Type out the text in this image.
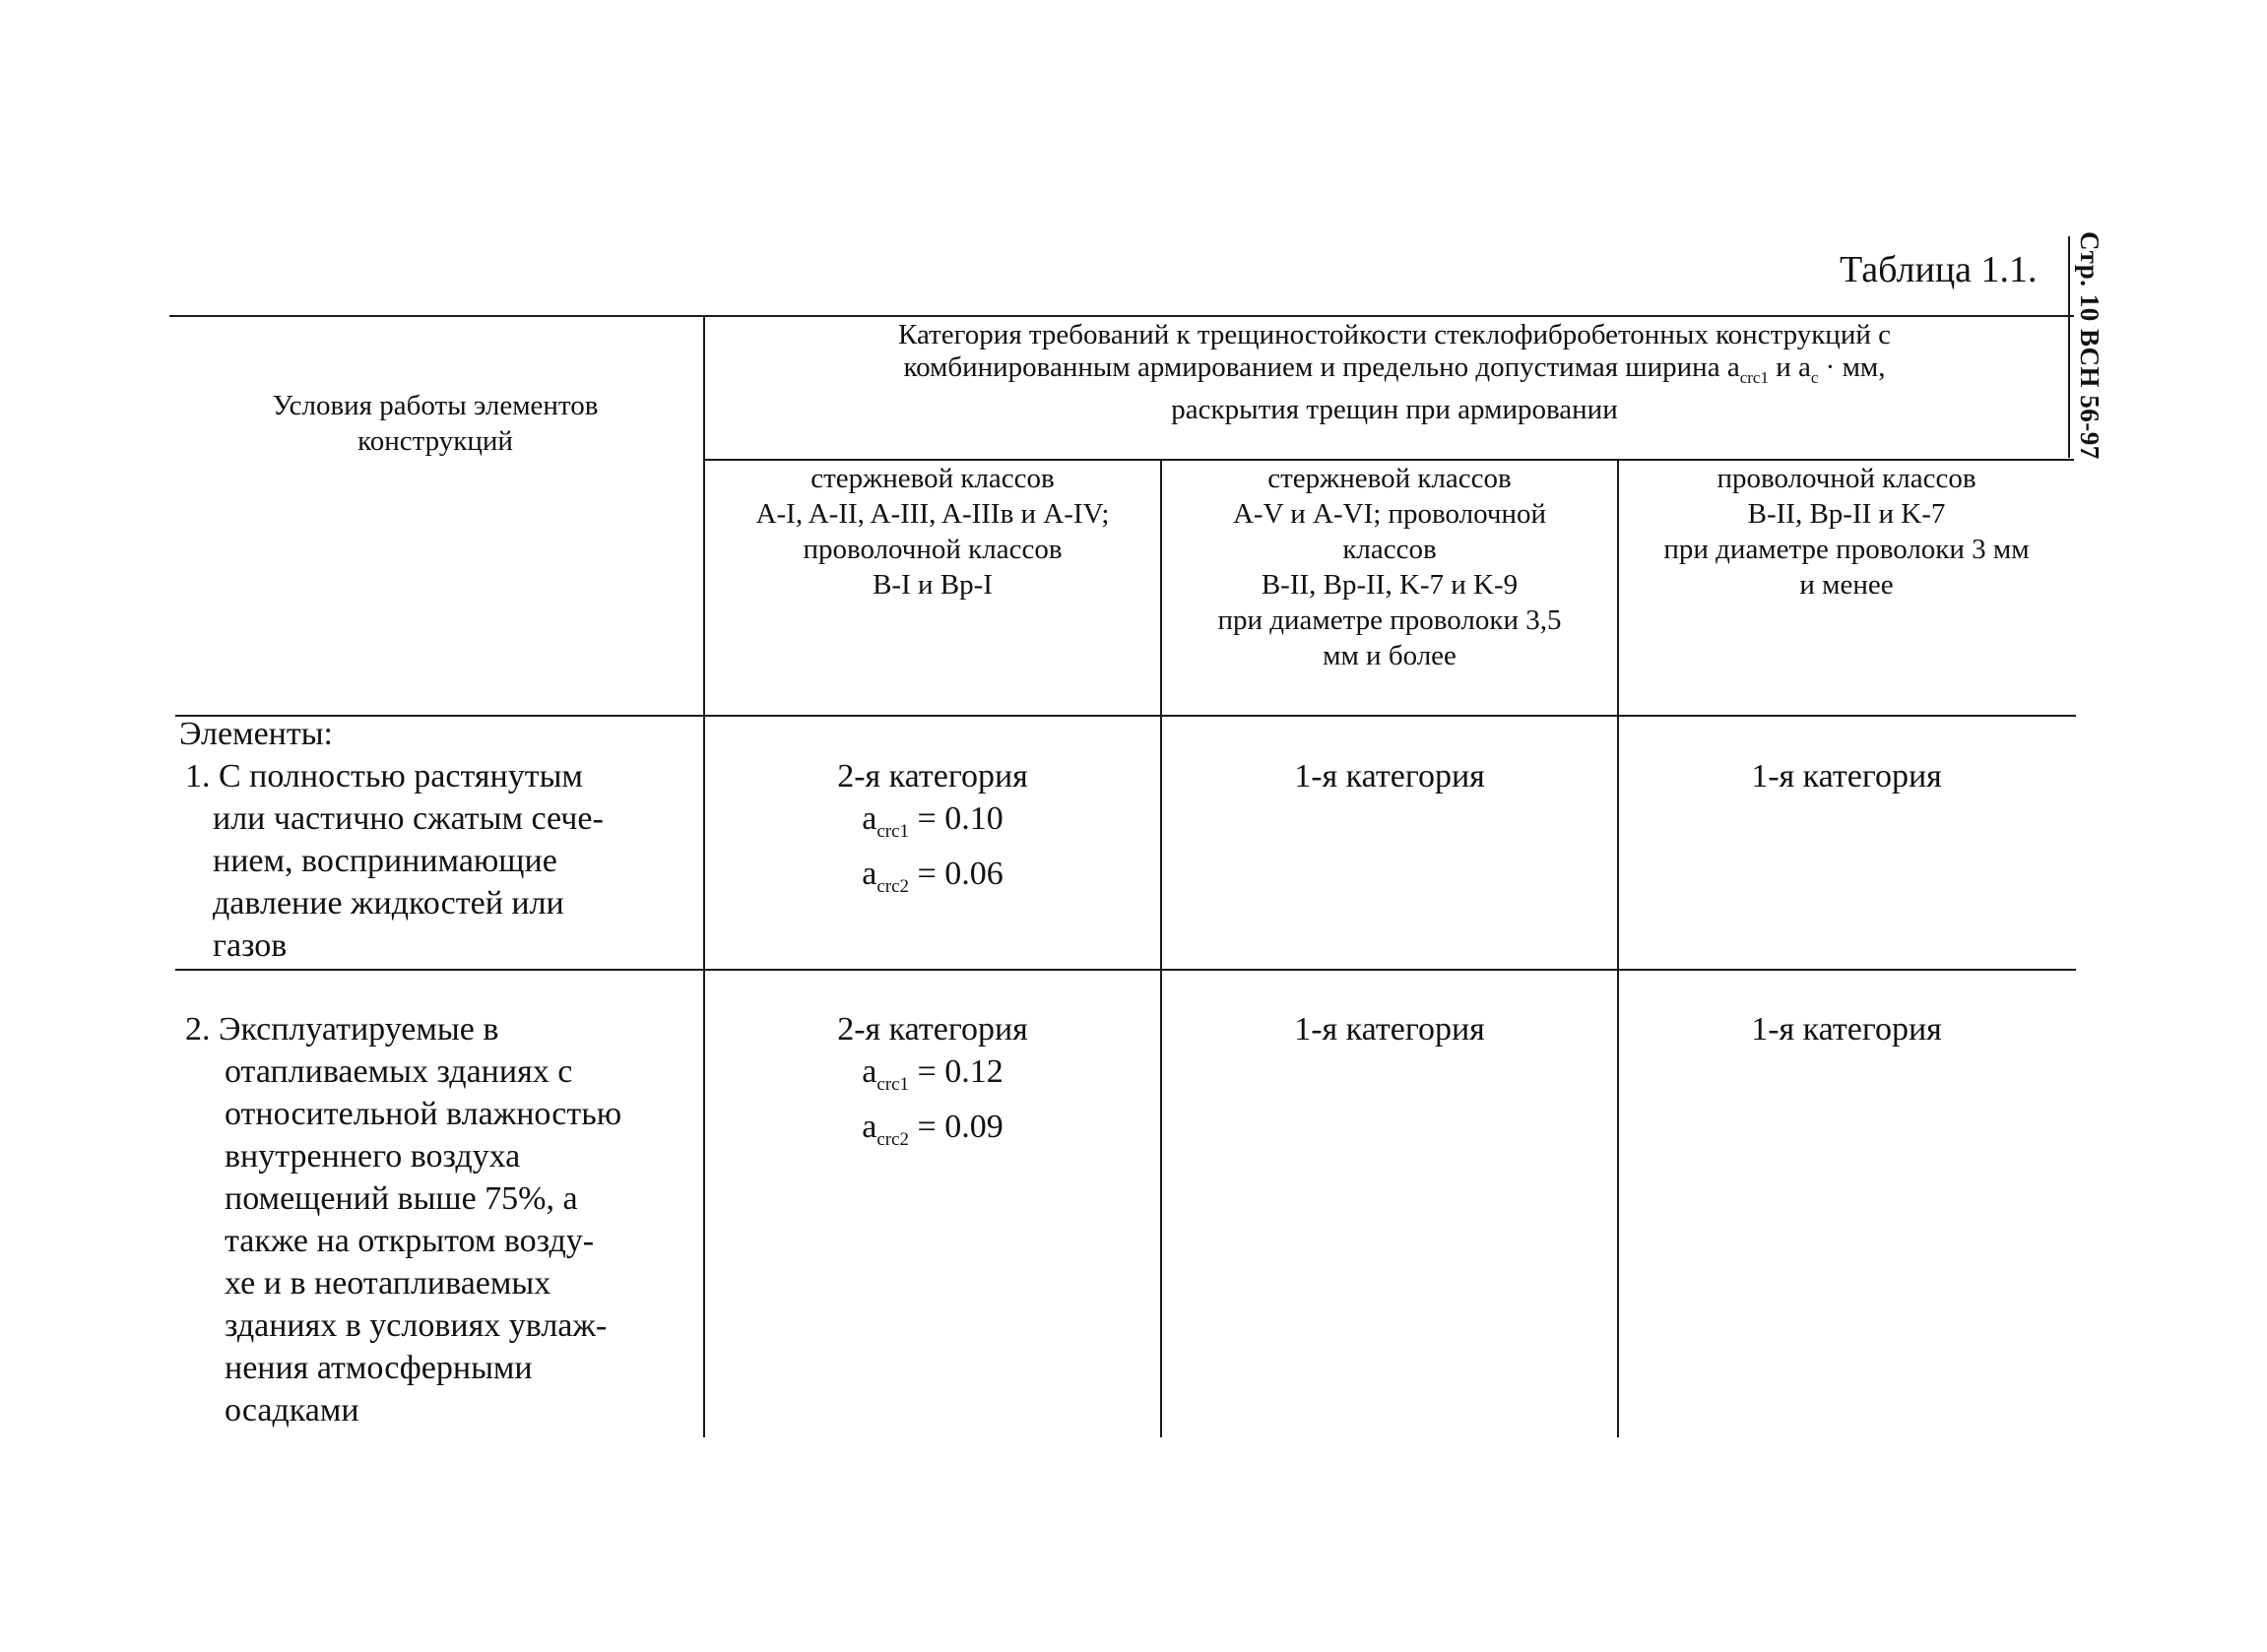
Стр. 10 ВСН 56-97
Таблица 1.1.
Условия работы элементов
конструкций
Категория требований к трещиностойкости стеклофибробетонных конструкций с
комбинированным армированием и предельно допустимая ширина $a_{crc1}$ и $a_c$ · мм,
раскрытия трещин при армировании
стержневой классов
A-I, A-II, A-III, A-IIIв и A-IV;
проволочной классов
B-I и Bp-I
стержневой классов
A-V и A-VI; проволочной
классов
B-II, Bp-II, K-7 и K-9
при диаметре проволоки 3,5
мм и более
проволочной классов
B-II, Bp-II и K-7
при диаметре проволоки 3 мм
и менее
Элементы:
1. С полностью растянутым
или частично сжатым сече-
нием, воспринимающие
давление жидкостей или
газов
2-я категория
$a_{crc1} = 0.10$
$a_{crc2} = 0.06$
1-я категория	1-я категория
2. Эксплуатируемые в
отапливаемых зданиях с
относительной влажностью
внутреннего воздуха
помещений выше 75%, а
также на открытом возду-
хе и в неотапливаемых
зданиях в условиях увлаж-
нения атмосферными
осадками
2-я категория
$a_{crc1} = 0.12$
$a_{crc2} = 0.09$
1-я категория	1-я категория
